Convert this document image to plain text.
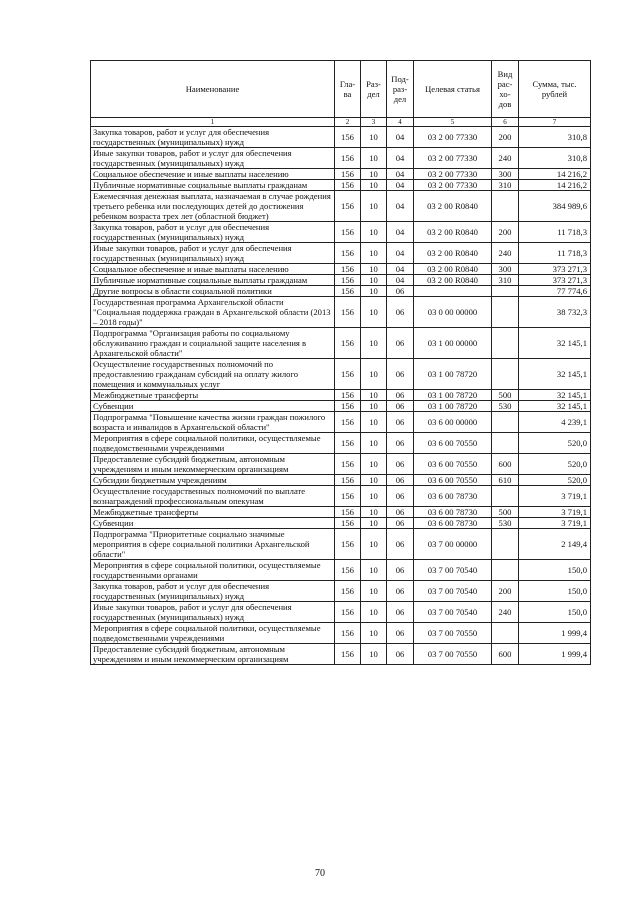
Наименование	Гла-ва	Раз-дел	Под-раз-дел	Целевая статья	Вид рас-хо-дов	Сумма, тыс. рублей
1	2	3	4	5	6	7
Закупка товаров, работ и услуг для обеспечения государственных (муниципальных) нужд	156	10	04	03 2 00 77330	200	310,8
Иные закупки товаров, работ и услуг для обеспечения государственных (муниципальных) нужд	156	10	04	03 2 00 77330	240	310,8
Социальное обеспечение и иные выплаты населению	156	10	04	03 2 00 77330	300	14 216,2
Публичные нормативные социальные выплаты гражданам	156	10	04	03 2 00 77330	310	14 216,2
Ежемесячная денежная выплата, назначаемая в случае рождения третьего ребенка или последующих детей до достижения ребенком возраста трех лет (областной бюджет)	156	10	04	03 2 00 R0840		384 989,6
Закупка товаров, работ и услуг для обеспечения государственных (муниципальных) нужд	156	10	04	03 2 00 R0840	200	11 718,3
Иные закупки товаров, работ и услуг для обеспечения государственных (муниципальных) нужд	156	10	04	03 2 00 R0840	240	11 718,3
Социальное обеспечение и иные выплаты населению	156	10	04	03 2 00 R0840	300	373 271,3
Публичные нормативные социальные выплаты гражданам	156	10	04	03 2 00 R0840	310	373 271,3
Другие вопросы в области социальной политики	156	10	06			77 774,6
Государственная программа Архангельской области "Социальная поддержка граждан в Архангельской области (2013 – 2018 годы)"	156	10	06	03 0 00 00000		38 732,3
Подпрограмма "Организация работы по социальному обслуживанию граждан и социальной защите населения в Архангельской области"	156	10	06	03 1 00 00000		32 145,1
Осуществление государственных полномочий по предоставлению гражданам субсидий на оплату жилого помещения и коммунальных услуг	156	10	06	03 1 00 78720		32 145,1
Межбюджетные трансферты	156	10	06	03 1 00 78720	500	32 145,1
Субвенции	156	10	06	03 1 00 78720	530	32 145,1
Подпрограмма "Повышение качества жизни граждан пожилого возраста и инвалидов в Архангельской области"	156	10	06	03 6 00 00000		4 239,1
Мероприятия в сфере социальной политики, осуществляемые подведомственными учреждениями	156	10	06	03 6 00 70550		520,0
Предоставление субсидий бюджетным, автономным учреждениям и иным некоммерческим организациям	156	10	06	03 6 00 70550	600	520,0
Субсидии бюджетным учреждениям	156	10	06	03 6 00 70550	610	520,0
Осуществление государственных полномочий по выплате вознаграждений профессиональным опекунам	156	10	06	03 6 00 78730		3 719,1
Межбюджетные трансферты	156	10	06	03 6 00 78730	500	3 719,1
Субвенции	156	10	06	03 6 00 78730	530	3 719,1
Подпрограмма "Приоритетные социально значимые мероприятия в сфере социальной политики Архангельской области"	156	10	06	03 7 00 00000		2 149,4
Мероприятия в сфере социальной политики, осуществляемые государственными органами	156	10	06	03 7 00 70540		150,0
Закупка товаров, работ и услуг для обеспечения государственных (муниципальных) нужд	156	10	06	03 7 00 70540	200	150,0
Иные закупки товаров, работ и услуг для обеспечения государственных (муниципальных) нужд	156	10	06	03 7 00 70540	240	150,0
Мероприятия в сфере социальной политики, осуществляемые подведомственными учреждениями	156	10	06	03 7 00 70550		1 999,4
Предоставление субсидий бюджетным, автономным учреждениям и иным некоммерческим организациям	156	10	06	03 7 00 70550	600	1 999,4
70
